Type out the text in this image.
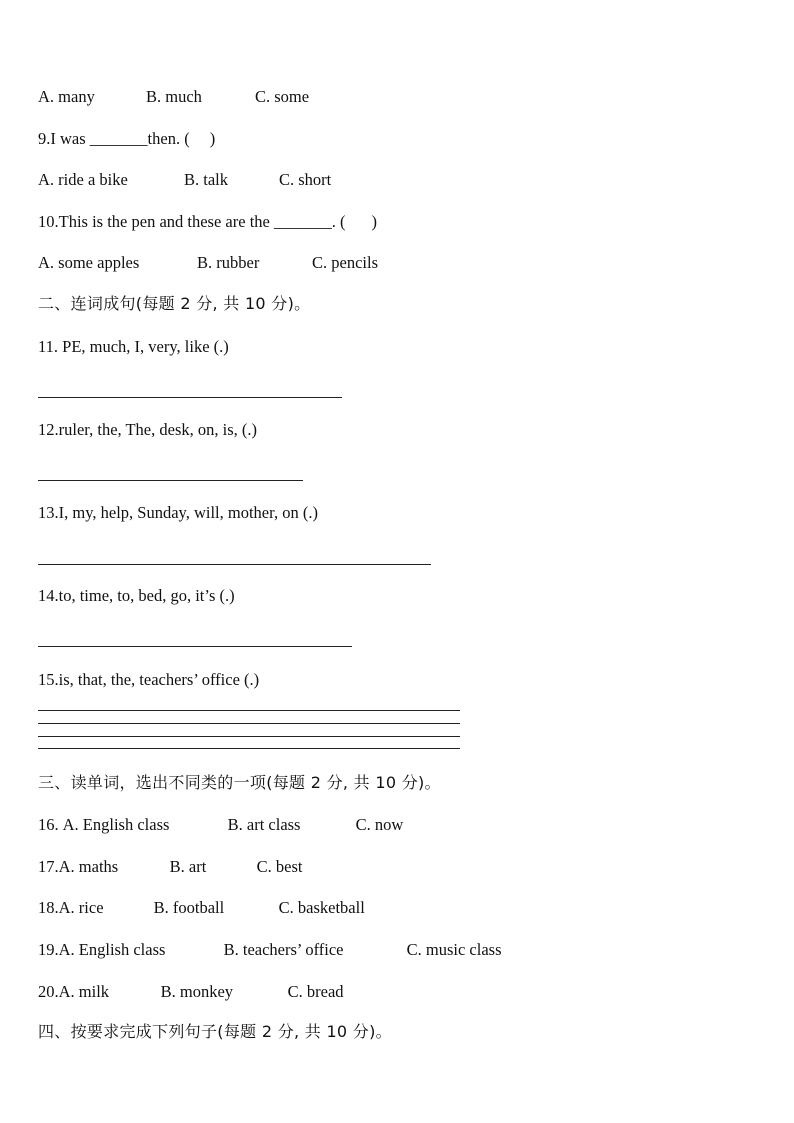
A. many	B. much	C. some
9.I was _______then. ( )
A. ride a bike	B. talk	C. short
10.This is the pen and these are the _______. ( )
A. some apples	B. rubber	C. pencils
二、连词成句(每题 2 分, 共 10 分)。
11. PE, much, I, very, like (.)
12.ruler, the, The, desk, on, is, (.)
13.I, my, help, Sunday, will, mother, on (.)
14.to, time, to, bed, go, it’s (.)
15.is, that, the, teachers’ office (.)
三、读单词，选出不同类的一项(每题 2 分, 共 10 分)。
16. A. English class	B. art class	C. now
17.A. maths	B. art	C. best
18.A. rice	B. football	C. basketball
19.A. English class	B. teachers’ office	C. music class
20.A. milk	B. monkey	C. bread
四、按要求完成下列句子(每题 2 分, 共 10 分)。
